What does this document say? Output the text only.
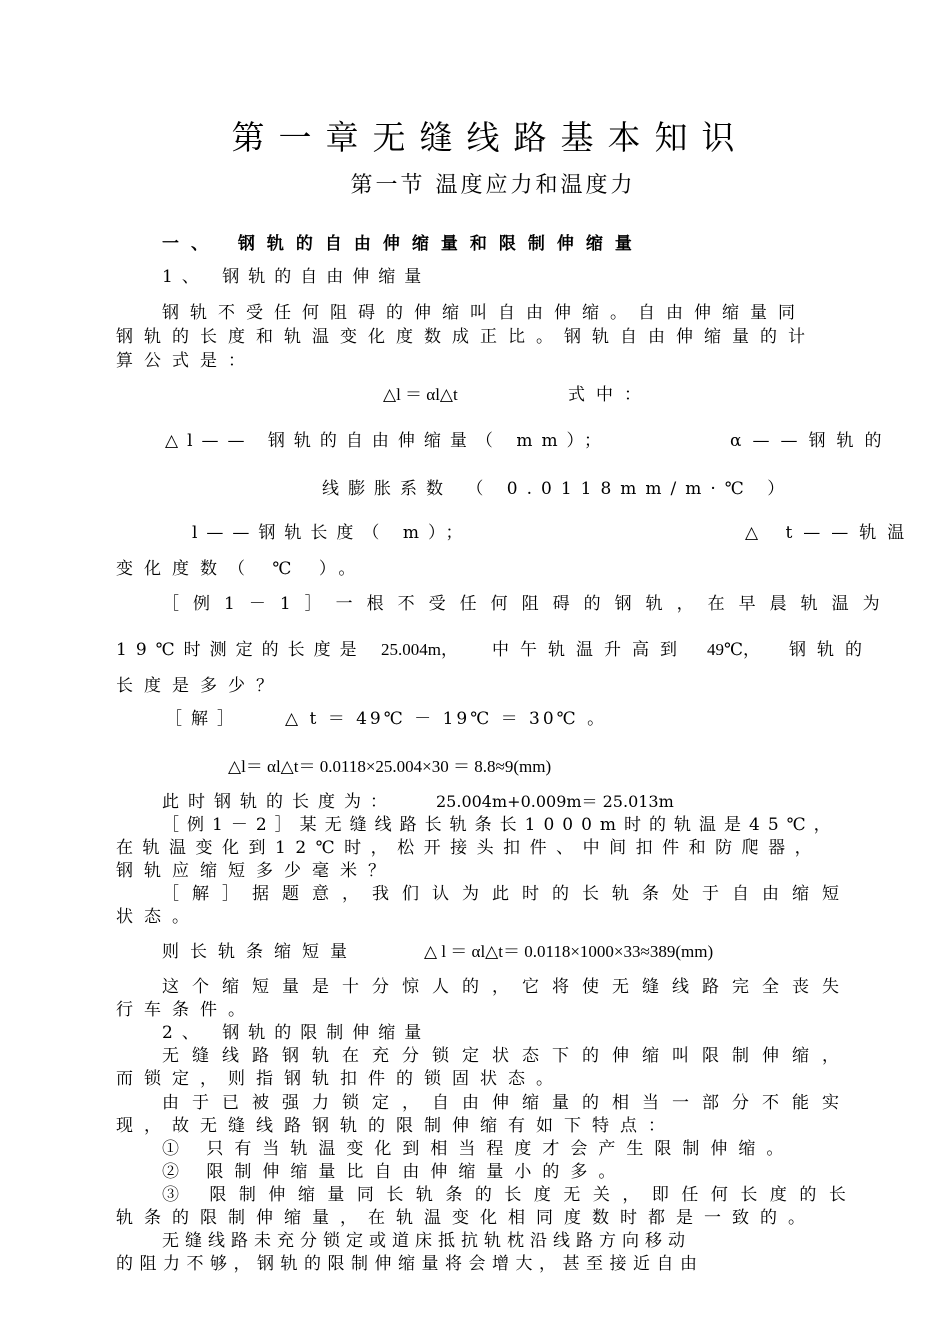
第一章无缝线路基本知识
第一节 温度应力和温度力
一、 钢轨的自由伸缩量和限制伸缩量
1、 钢轨的自由伸缩量
钢轨不受任何阻碍的伸缩叫自由伸缩。自由伸缩量同
钢轨的长度和轨温变化度数成正比。钢轨自由伸缩量的计
算公式是：
△l ＝ αl△t	式中：
△l—— 钢轨的自由伸缩量（ mm）；	α——钢轨的
线膨胀系数 （ 0.0118mm/m·℃ ）
l——钢轨长度（ m）；	△ t——轨温
变化度数（ ℃ ）。
［例1－1］一根不受任何阻碍的钢轨，在早晨轨温为
19℃时测定的长度是 25.004m， 中午轨温升高到 49℃， 钢轨的
长度是多少？
［解］ △ t ＝ 49℃ － 19℃ ＝ 30℃ 。
△l＝ αl△t＝ 0.0118×25.004×30 ＝ 8.8≈9(mm)
此时钢轨的长度为：	25.004m+0.009m＝ 25.013m
［例1－2］某无缝线路长轨条长1000m时的轨温是45℃，
在轨温变化到12℃时，松开接头扣件、中间扣件和防爬器，
钢轨应缩短多少毫米？
［解］据题意，我们认为此时的长轨条处于自由缩短
状态。
则长轨条缩短量	△ l ＝ αl△t＝ 0.0118×1000×33≈389(mm)
这个缩短量是十分惊人的，它将使无缝线路完全丧失
行车条件。
2、 钢轨的限制伸缩量
无缝线路钢轨在充分锁定状态下的伸缩叫限制伸缩，
而锁定，则指钢轨扣件的锁固状态。
由于已被强力锁定，自由伸缩量的相当一部分不能实
现，故无缝线路钢轨的限制伸缩有如下特点：
① 只有当轨温变化到相当程度才会产生限制伸缩。
② 限制伸缩量比自由伸缩量小的多。
③ 限制伸缩量同长轨条的长度无关，即任何长度的长
轨条的限制伸缩量，在轨温变化相同度数时都是一致的。
无缝线路未充分锁定或道床抵抗轨枕沿线路方向移动
的阻力不够，钢轨的限制伸缩量将会增大，甚至接近自由
